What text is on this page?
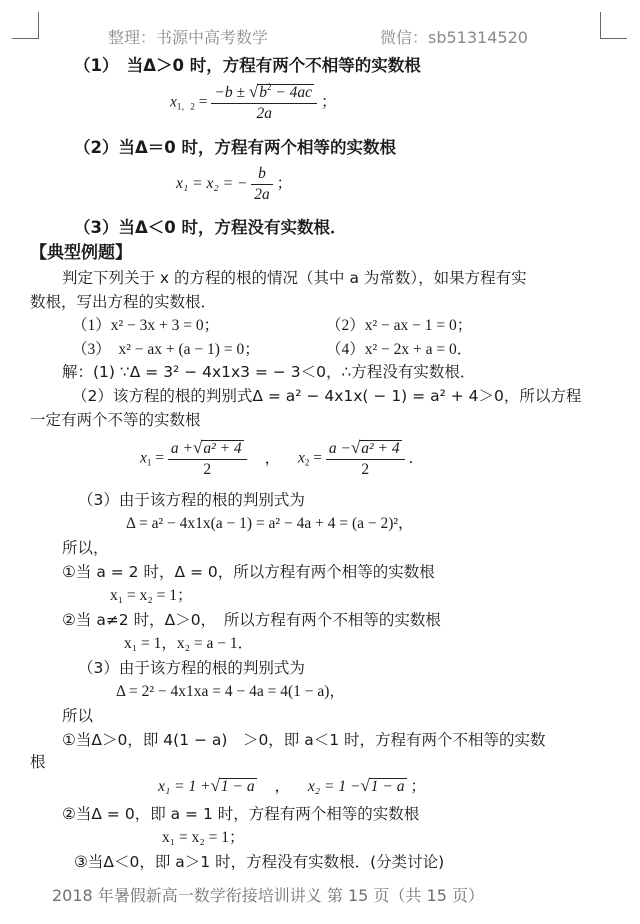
整理：书源中高考数学	微信：sb51314520
（1）　当Δ＞0 时，方程有两个不相等的实数根
$x_{1,2} = \frac{-b \pm √b^2 - 4ac}{2a}$ ；
（2）当Δ＝0 时，方程有两个相等的实数根
x₁ = x₂ = − $\frac{b}{2a}$ ；
（3）当Δ＜0 时，方程没有实数根．
【典型例题】
判定下列关于 x 的方程的根的情况（其中 a 为常数），如果方程有实
数根，写出方程的实数根．
（1）x² − 3x + 3 = 0；	（2）x² − ax − 1 = 0；
（3）　x² − ax + (a − 1) = 0；	（4）x² − 2x + a = 0．
解：(1) ∵Δ = 3² − 4x1x3 = − 3＜0，∴方程没有实数根．
（2）该方程的根的判别式Δ = a² − 4x1x( − 1) = a² + 4＞0，所以方程
一定有两个不等的实数根
$x_1 = \frac{\text{a +√a² + 4}}{2}$ ， $x_2 = \frac{\text{a −√a² + 4}}{2}$ ．
（3）由于该方程的根的判别式为
Δ = a² − 4x1x(a − 1) = a² − 4a + 4 = (a − 2)²，
所以，
①当 a = 2 时，Δ = 0，所以方程有两个相等的实数根
x₁ = x₂ = 1；
②当 a≠2 时，Δ＞0，　所以方程有两个不相等的实数根
x₁ = 1，x₂ = a − 1．
（3）由于该方程的根的判别式为
Δ = 2² − 4x1xa = 4 − 4a = 4(1 − a)，
所以
①当Δ＞0，即 4(1 − a)　＞0，即 a＜1 时，方程有两个不相等的实数
根
x₁ = 1 +√1 − a ， x₂ = 1 −√1 − a ；
②当Δ = 0，即 a = 1 时，方程有两个相等的实数根
x₁ = x₂ = 1；
③当Δ＜0，即 a＞1 时，方程没有实数根．(分类讨论)
2018 年暑假新高一数学衔接培训讲义 第 15 页（共 15 页）
